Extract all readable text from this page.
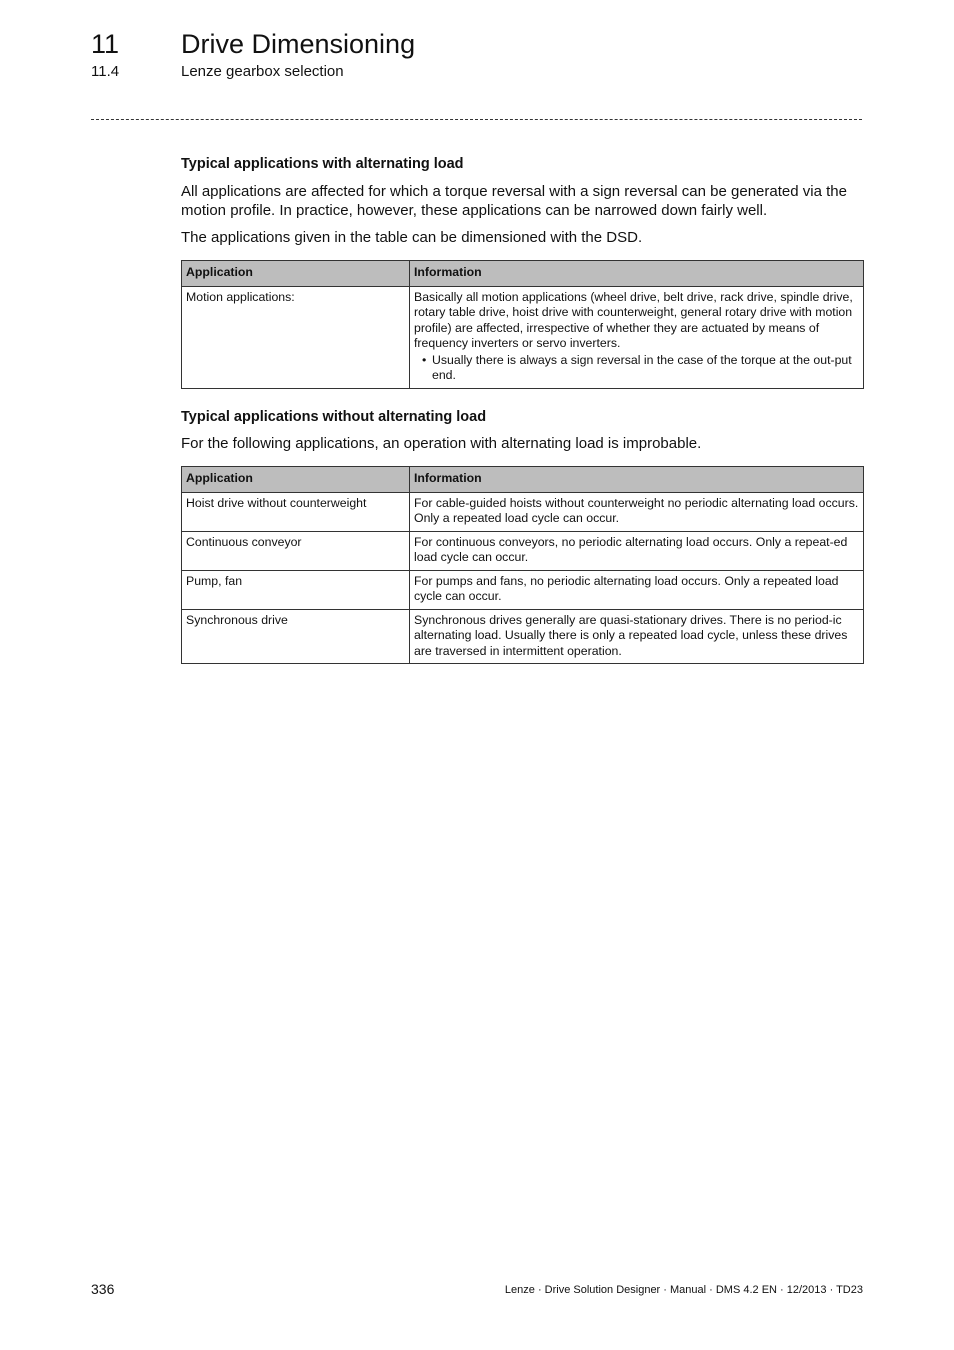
11 Drive Dimensioning
11.4	Lenze gearbox selection
Typical applications with alternating load

All applications are affected for which a torque reversal with a sign reversal can be generated via the motion profile. In practice, however, these applications can be narrowed down fairly well.

The applications given in the table can be dimensioned with the DSD.

Application	Information
Motion applications:	Basically all motion applications (wheel drive, belt drive, rack drive, spindle drive, rotary table drive, hoist drive with counterweight, general rotary drive with motion profile) are affected, irrespective of whether they are actuated by means of frequency inverters or servo inverters.
• Usually there is always a sign reversal in the case of the torque at the out-put end.
Typical applications without alternating load

For the following applications, an operation with alternating load is improbable.

Application	Information
Hoist drive without counterweight	For cable-guided hoists without counterweight no periodic alternating load occurs. Only a repeated load cycle can occur.
Continuous conveyor	For continuous conveyors, no periodic alternating load occurs. Only a repeat-ed load cycle can occur.
Pump, fan	For pumps and fans, no periodic alternating load occurs. Only a repeated load cycle can occur.
Synchronous drive	Synchronous drives generally are quasi-stationary drives. There is no period-ic alternating load. Usually there is only a repeated load cycle, unless these drives are traversed in intermittent operation.
336	Lenze · Drive Solution Designer · Manual · DMS 4.2 EN · 12/2013 · TD23
